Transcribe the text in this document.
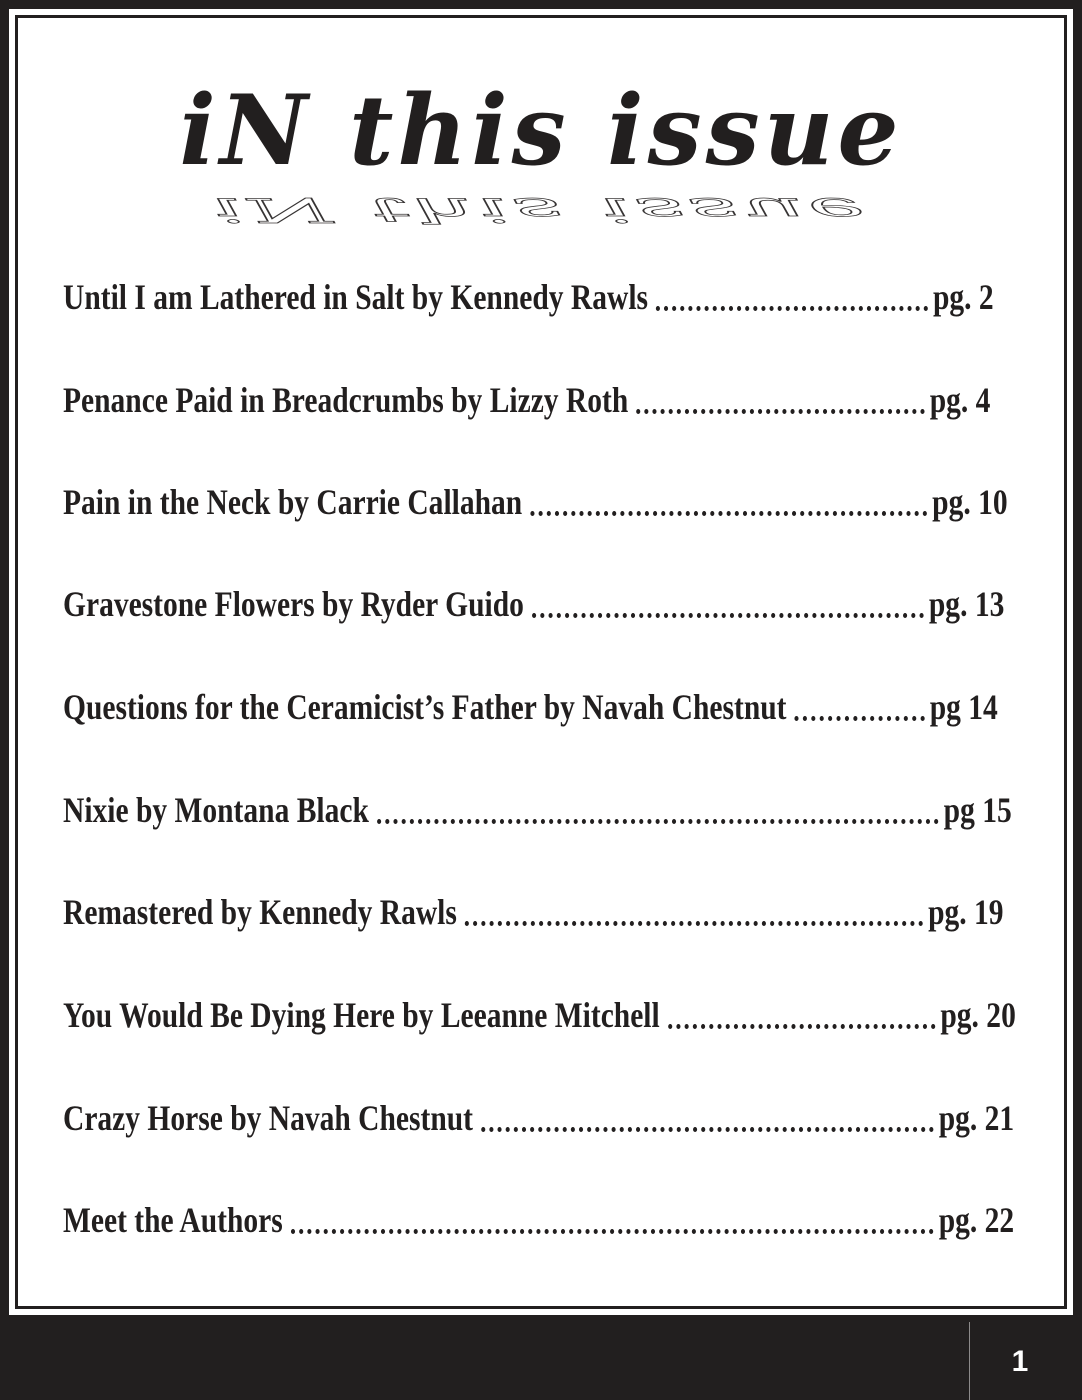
iN this issue
iN this issue
Until I am Lathered in Salt by Kennedy Rawls	pg. 2
Penance Paid in Breadcrumbs by Lizzy Roth	pg. 4
Pain in the Neck by Carrie Callahan	pg. 10
Gravestone Flowers by Ryder Guido	pg. 13
Questions for the Ceramicist’s Father by Navah Chestnut	pg 14
Nixie by Montana Black	pg 15
Remastered by Kennedy Rawls	pg. 19
You Would Be Dying Here by Leeanne Mitchell	pg. 20
Crazy Horse by Navah Chestnut	pg. 21
Meet the Authors	pg. 22
1
